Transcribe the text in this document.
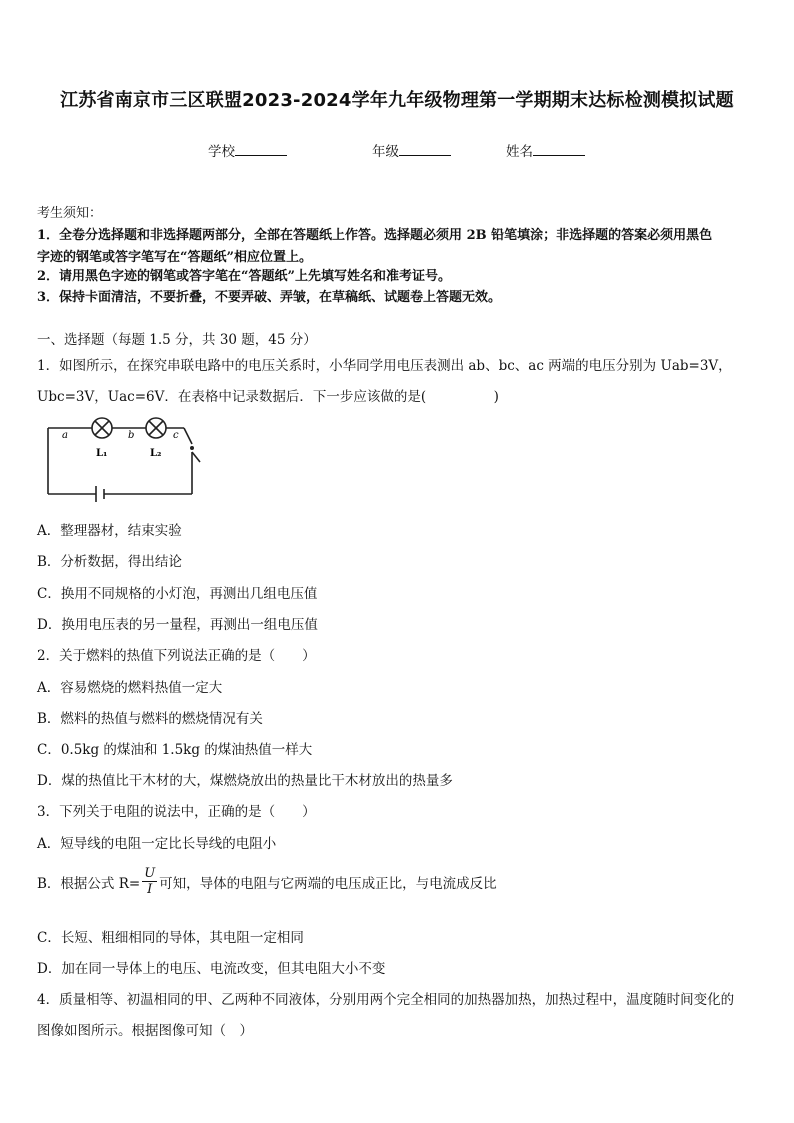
江苏省南京市三区联盟2023-2024学年九年级物理第一学期期末达标检测模拟试题
学校	年级	姓名
考生须知：
1．全卷分选择题和非选择题两部分，全部在答题纸上作答。选择题必须用 2B 铅笔填涂；非选择题的答案必须用黑色
字迹的钢笔或答字笔写在“答题纸”相应位置上。
2．请用黑色字迹的钢笔或答字笔在“答题纸”上先填写姓名和准考证号。
3．保持卡面清洁，不要折叠，不要弄破、弄皱，在草稿纸、试题卷上答题无效。
一、选择题（每题 1.5 分，共 30 题，45 分）
1．如图所示，在探究串联电路中的电压关系时，小华同学用电压表测出 ab、bc、ac 两端的电压分别为 Uab=3V，
Ubc=3V，Uac=6V．在表格中记录数据后．下一步应该做的是(　　　　　)
a	b	c
L₁	L₂
A．整理器材，结束实验
B．分析数据，得出结论
C．换用不同规格的小灯泡，再测出几组电压值
D．换用电压表的另一量程，再测出一组电压值
2．关于燃料的热值下列说法正确的是（　　）
A．容易燃烧的燃料热值一定大
B．燃料的热值与燃料的燃烧情况有关
C．0.5kg 的煤油和 1.5kg 的煤油热值一样大
D．煤的热值比干木材的大，煤燃烧放出的热量比干木材放出的热量多
3．下列关于电阻的说法中，正确的是（　　）
A．短导线的电阻一定比长导线的电阻小
B．根据公式 $R= \frac{U}{I}$ 可知，导体的电阻与它两端的电压成正比，与电流成反比
C．长短、粗细相同的导体，其电阻一定相同
D．加在同一导体上的电压、电流改变，但其电阻大小不变
4．质量相等、初温相同的甲、乙两种不同液体，分别用两个完全相同的加热器加热，加热过程中，温度随时间变化的
图像如图所示。根据图像可知（　）
